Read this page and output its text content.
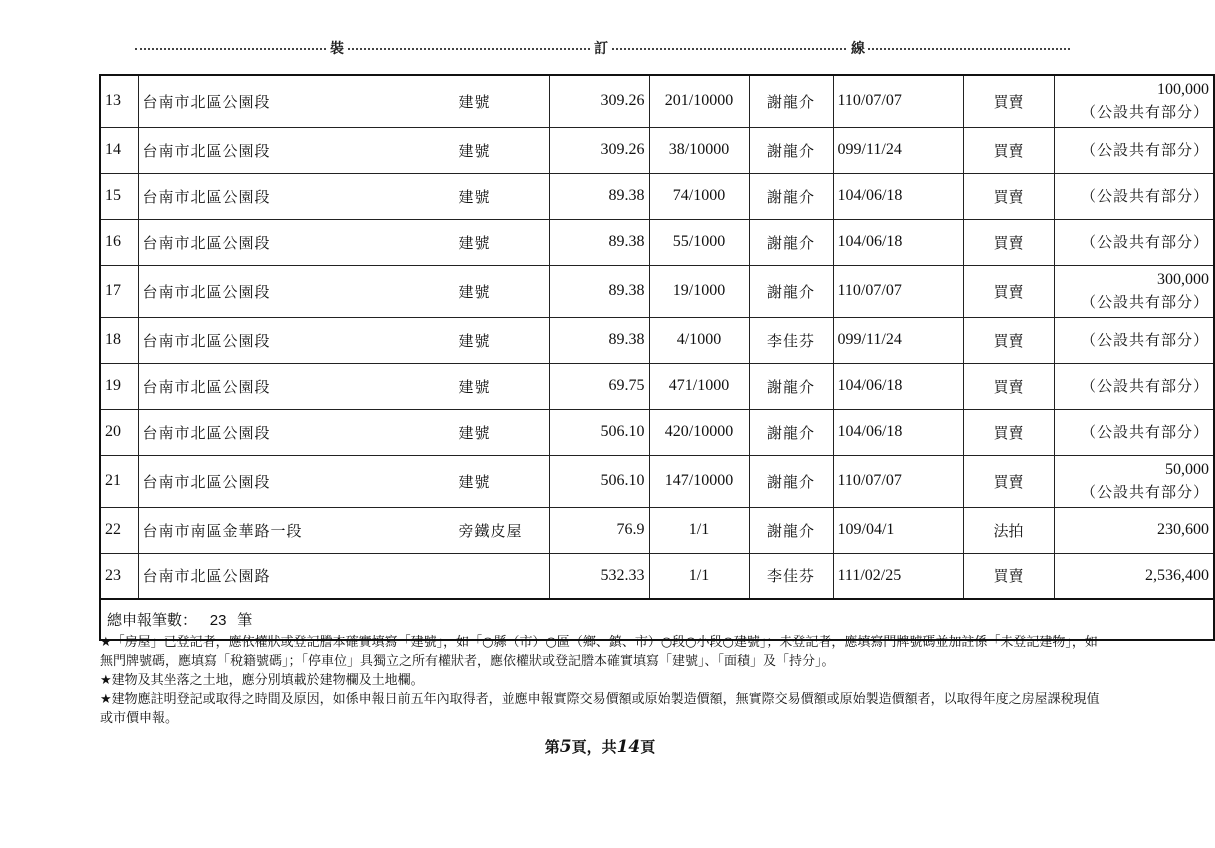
裝	訂	線
13	台南市北區公園段 建號	309.26	201/10000	謝龍介	110/07/07	買賣	100,000
（公設共有部分）

14	台南市北區公園段 建號	309.26	38/10000	謝龍介	099/11/24	買賣	（公設共有部分）

15	台南市北區公園段 建號	89.38	74/1000	謝龍介	104/06/18	買賣	（公設共有部分）

16	台南市北區公園段 建號	89.38	55/1000	謝龍介	104/06/18	買賣	（公設共有部分）

17	台南市北區公園段 建號	89.38	19/1000	謝龍介	110/07/07	買賣	300,000
（公設共有部分）

18	台南市北區公園段 建號	89.38	4/1000	李佳芬	099/11/24	買賣	（公設共有部分）

19	台南市北區公園段 建號	69.75	471/1000	謝龍介	104/06/18	買賣	（公設共有部分）

20	台南市北區公園段 建號	506.10	420/10000	謝龍介	104/06/18	買賣	（公設共有部分）

21	台南市北區公園段 建號	506.10	147/10000	謝龍介	110/07/07	買賣	50,000
（公設共有部分）

22	台南市南區金華路一段 旁鐵皮屋	76.9	1/1	謝龍介	109/04/1	法拍	230,600

23	台南市北區公園路	532.33	1/1	李佳芬	111/02/25	買賣	2,536,400

總申報筆數： 23 筆							

★「房屋」已登記者，應依權狀或登記謄本確實填寫「建號」，如「○縣（市）○區（鄉、鎮、市）○段○小段○建號」；未登記者，應填寫門牌號碼並加註係「未登記建物」，如無門牌號碼，應填寫「稅籍號碼」；「停車位」具獨立之所有權狀者，應依權狀或登記謄本確實填寫「建號」、「面積」及「持分」。

★建物及其坐落之土地，應分別填載於建物欄及土地欄。

★建物應註明登記或取得之時間及原因，如係申報日前五年內取得者，並應申報實際交易價額或原始製造價額，無實際交易價額或原始製造價額者，以取得年度之房屋課稅現值或市價申報。

第5頁，共14頁
